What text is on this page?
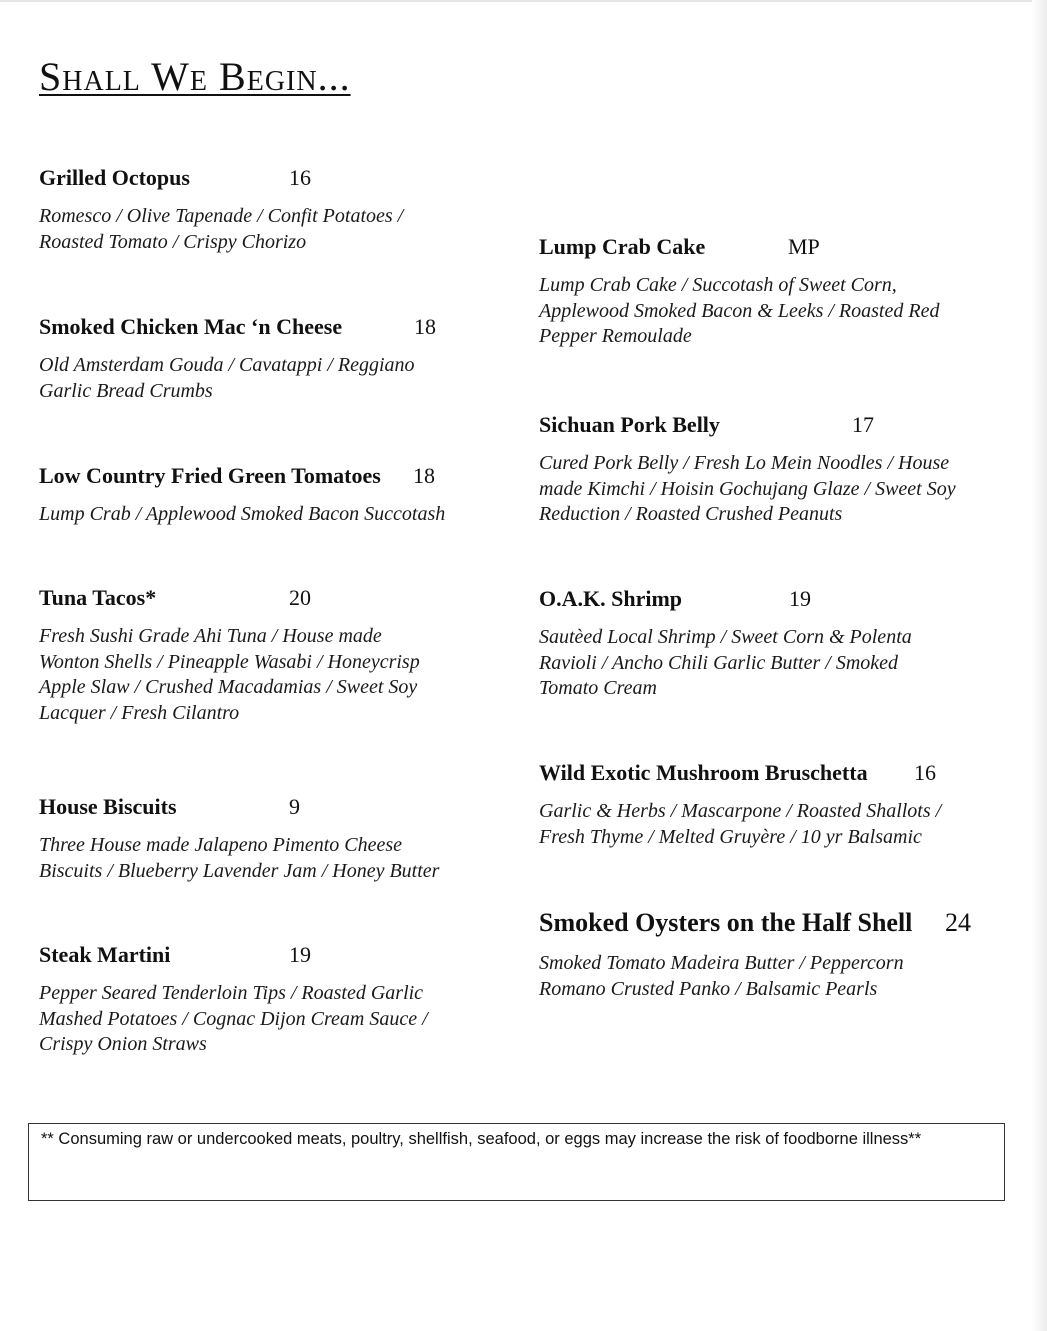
Shall We Begin...
Grilled Octopus	16
Romesco / Olive Tapenade / Confit Potatoes /
Roasted Tomato / Crispy Chorizo
Smoked Chicken Mac ‘n Cheese	18
Old Amsterdam Gouda / Cavatappi / Reggiano
Garlic Bread Crumbs
Low Country Fried Green Tomatoes 18
Lump Crab / Applewood Smoked Bacon Succotash
Tuna Tacos*	20
Fresh Sushi Grade Ahi Tuna / House made
Wonton Shells / Pineapple Wasabi / Honeycrisp
Apple Slaw / Crushed Macadamias / Sweet Soy
Lacquer / Fresh Cilantro
House Biscuits	9
Three House made Jalapeno Pimento Cheese
Biscuits / Blueberry Lavender Jam / Honey Butter
Steak Martini	19
Pepper Seared Tenderloin Tips / Roasted Garlic
Mashed Potatoes / Cognac Dijon Cream Sauce /
Crispy Onion Straws
Lump Crab Cake	MP
Lump Crab Cake / Succotash of Sweet Corn,
Applewood Smoked Bacon & Leeks / Roasted Red
Pepper Remoulade
Sichuan Pork Belly	17
Cured Pork Belly / Fresh Lo Mein Noodles / House
made Kimchi / Hoisin Gochujang Glaze / Sweet Soy
Reduction / Roasted Crushed Peanuts
O.A.K. Shrimp	19
Sautèed Local Shrimp / Sweet Corn & Polenta
Ravioli / Ancho Chili Garlic Butter / Smoked
Tomato Cream
Wild Exotic Mushroom Bruschetta 16
Garlic & Herbs / Mascarpone / Roasted Shallots /
Fresh Thyme / Melted Gruyère / 10 yr Balsamic
Smoked Oysters on the Half Shell 24
Smoked Tomato Madeira Butter / Peppercorn
Romano Crusted Panko / Balsamic Pearls
** Consuming raw or undercooked meats, poultry, shellfish, seafood, or eggs may increase the risk of foodborne illness**
